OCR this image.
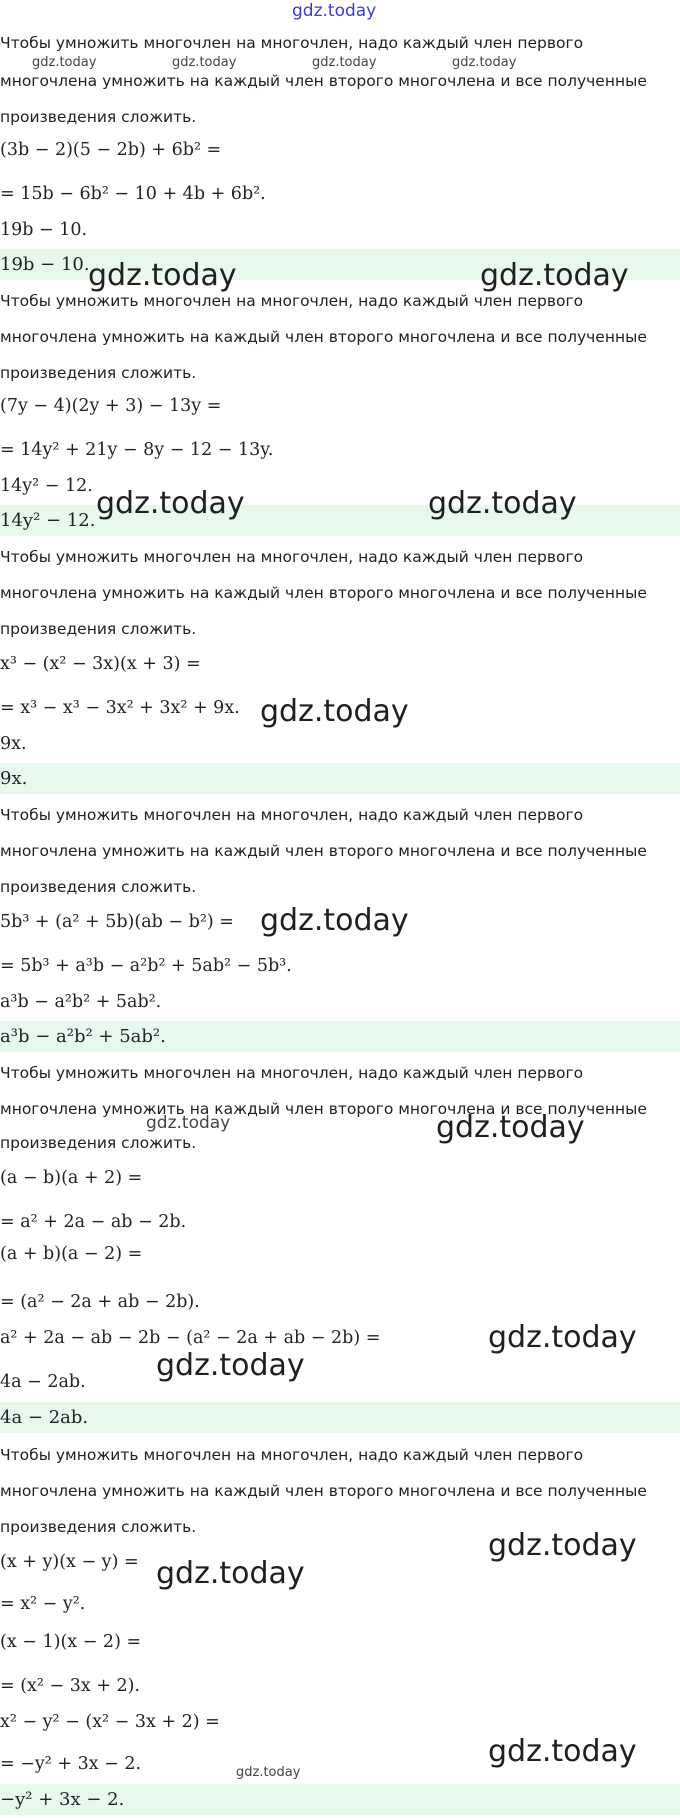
gdz.today
Чтобы умножить многочлен на многочлен, надо каждый член первого
gdz.today	gdz.today	gdz.today	gdz.today
многочлена умножить на каждый член второго многочлена и все полученные
произведения сложить.
(3b − 2)(5 − 2b) + 6b² =
= 15b − 6b² − 10 + 4b + 6b².
19b − 10.
19b − 10.
gdz.today	gdz.today
Чтобы умножить многочлен на многочлен, надо каждый член первого
многочлена умножить на каждый член второго многочлена и все полученные
произведения сложить.
(7y − 4)(2y + 3) − 13y =
= 14y² + 21y − 8y − 12 − 13y.
14y² − 12.
14y² − 12. gdz.today	gdz.today
Чтобы умножить многочлен на многочлен, надо каждый член первого
многочлена умножить на каждый член второго многочлена и все полученные
произведения сложить.
x³ − (x² − 3x)(x + 3) =
= x³ − x³ − 3x² + 3x² + 9x. gdz.today
9x.
9x.
Чтобы умножить многочлен на многочлен, надо каждый член первого
многочлена умножить на каждый член второго многочлена и все полученные
произведения сложить.
5b³ + (a² + 5b)(ab − b²) = gdz.today
= 5b³ + a³b − a²b² + 5ab² − 5b³.
a³b − a²b² + 5ab².
a³b − a²b² + 5ab².
Чтобы умножить многочлен на многочлен, надо каждый член первого
многочлена умножить на каждый член второго многочлена и все полученные
gdz.today	gdz.today
произведения сложить.
(a − b)(a + 2) =
= a² + 2a − ab − 2b.
(a + b)(a − 2) =
= (a² − 2a + ab − 2b).
a² + 2a − ab − 2b − (a² − 2a + ab − 2b) =	gdz.today
gdz.today
4a − 2ab.
4a − 2ab.
Чтобы умножить многочлен на многочлен, надо каждый член первого
многочлена умножить на каждый член второго многочлена и все полученные
произведения сложить.
(x + y)(x − y) =	gdz.today
gdz.today
= x² − y².
(x − 1)(x − 2) =
= (x² − 3x + 2).
x² − y² − (x² − 3x + 2) =
gdz.today
= −y² + 3x − 2.	gdz.today
−y² + 3x − 2.
